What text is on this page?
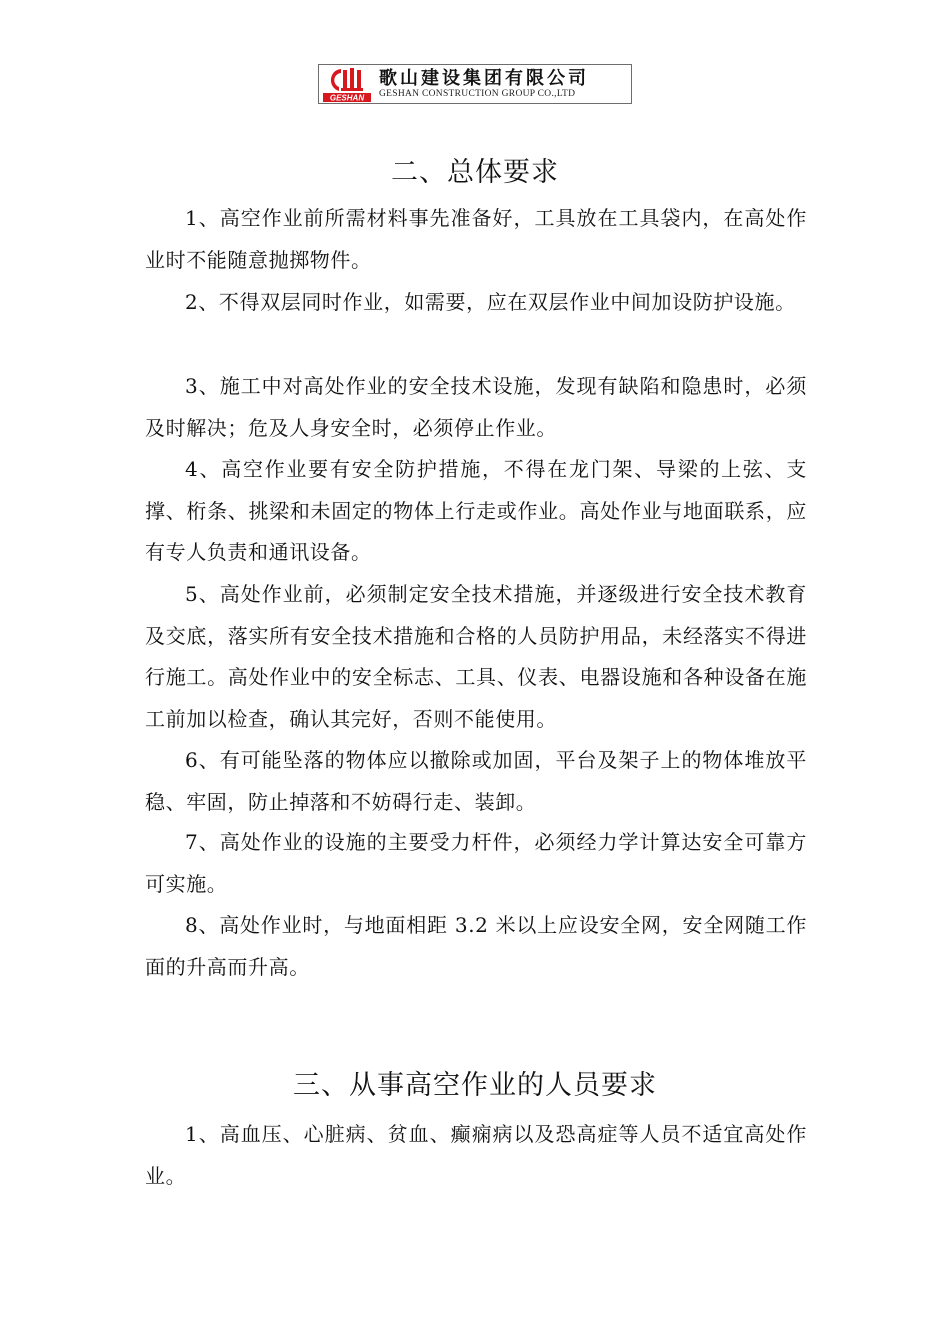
GESHAN
歌山建设集团有限公司
GESHAN CONSTRUCTION GROUP CO.,LTD
二、总体要求

1、高空作业前所需材料事先准备好，工具放在工具袋内，在高处作业时不能随意抛掷物件。

2、不得双层同时作业，如需要，应在双层作业中间加设防护设施。

3、施工中对高处作业的安全技术设施，发现有缺陷和隐患时，必须及时解决；危及人身安全时，必须停止作业。

4、高空作业要有安全防护措施，不得在龙门架、导梁的上弦、支撑、桁条、挑梁和未固定的物体上行走或作业。高处作业与地面联系，应有专人负责和通讯设备。

5、高处作业前，必须制定安全技术措施，并逐级进行安全技术教育及交底，落实所有安全技术措施和合格的人员防护用品，未经落实不得进行施工。高处作业中的安全标志、工具、仪表、电器设施和各种设备在施工前加以检查，确认其完好，否则不能使用。

6、有可能坠落的物体应以撤除或加固，平台及架子上的物体堆放平稳、牢固，防止掉落和不妨碍行走、装卸。

7、高处作业的设施的主要受力杆件，必须经力学计算达安全可靠方可实施。

8、高处作业时，与地面相距 3.2 米以上应设安全网，安全网随工作面的升高而升高。

三、从事高空作业的人员要求

1、高血压、心脏病、贫血、癫痫病以及恐高症等人员不适宜高处作业。
